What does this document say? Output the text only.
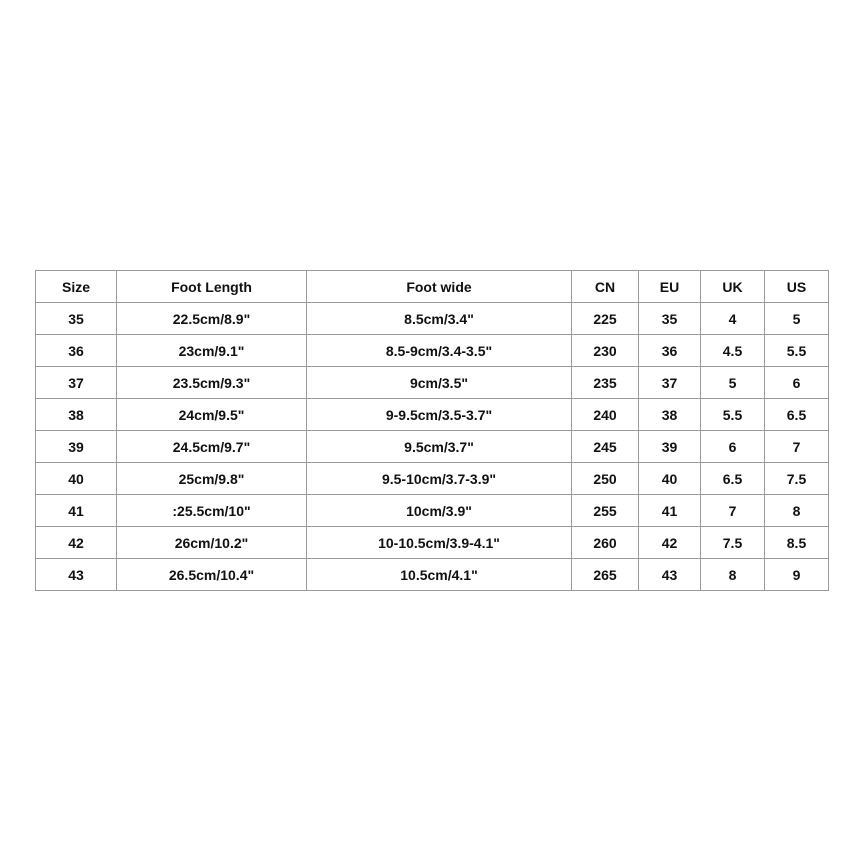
Size	Foot Length	Foot wide	CN	EU	UK	US
35	22.5cm/8.9"	8.5cm/3.4"	225	35	4	5
36	23cm/9.1"	8.5-9cm/3.4-3.5"	230	36	4.5	5.5
37	23.5cm/9.3"	9cm/3.5"	235	37	5	6
38	24cm/9.5"	9-9.5cm/3.5-3.7"	240	38	5.5	6.5
39	24.5cm/9.7"	9.5cm/3.7"	245	39	6	7
40	25cm/9.8"	9.5-10cm/3.7-3.9"	250	40	6.5	7.5
41	:25.5cm/10"	10cm/3.9"	255	41	7	8
42	26cm/10.2"	10-10.5cm/3.9-4.1"	260	42	7.5	8.5
43	26.5cm/10.4"	10.5cm/4.1"	265	43	8	9
